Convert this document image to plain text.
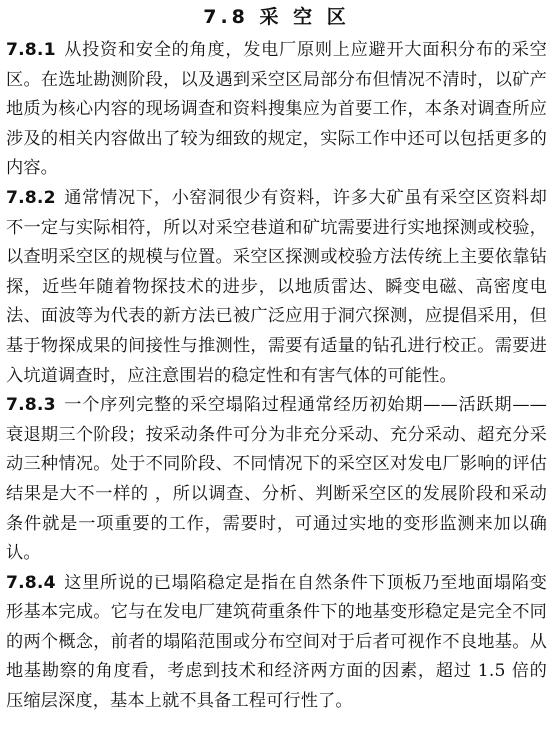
7.8 采 空 区

7.8.1 从投资和安全的角度，发电厂原则上应避开大面积分布的采空区。在选址勘测阶段，以及遇到采空区局部分布但情况不清时，以矿产地质为核心内容的现场调查和资料搜集应为首要工作，本条对调查所应涉及的相关内容做出了较为细致的规定，实际工作中还可以包括更多的内容。

7.8.2 通常情况下，小窑洞很少有资料，许多大矿虽有采空区资料却不一定与实际相符，所以对采空巷道和矿坑需要进行实地探测或校验，以查明采空区的规模与位置。采空区探测或校验方法传统上主要依靠钻探，近些年随着物探技术的进步，以地质雷达、瞬变电磁、高密度电法、面波等为代表的新方法已被广泛应用于洞穴探测，应提倡采用，但基于物探成果的间接性与推测性，需要有适量的钻孔进行校正。需要进入坑道调查时，应注意围岩的稳定性和有害气体的可能性。

7.8.3 一个序列完整的采空塌陷过程通常经历初始期——活跃期——衰退期三个阶段；按采动条件可分为非充分采动、充分采动、超充分采动三种情况。处于不同阶段、不同情况下的采空区对发电厂影响的评估结果是大不一样的 ，所以调查、分析、判断采空区的发展阶段和采动条件就是一项重要的工作，需要时，可通过实地的变形监测来加以确认。

7.8.4 这里所说的已塌陷稳定是指在自然条件下顶板乃至地面塌陷变形基本完成。它与在发电厂建筑荷重条件下的地基变形稳定是完全不同的两个概念，前者的塌陷范围或分布空间对于后者可视作不良地基。从地基勘察的角度看，考虑到技术和经济两方面的因素，超过 1.5 倍的压缩层深度，基本上就不具备工程可行性了。
